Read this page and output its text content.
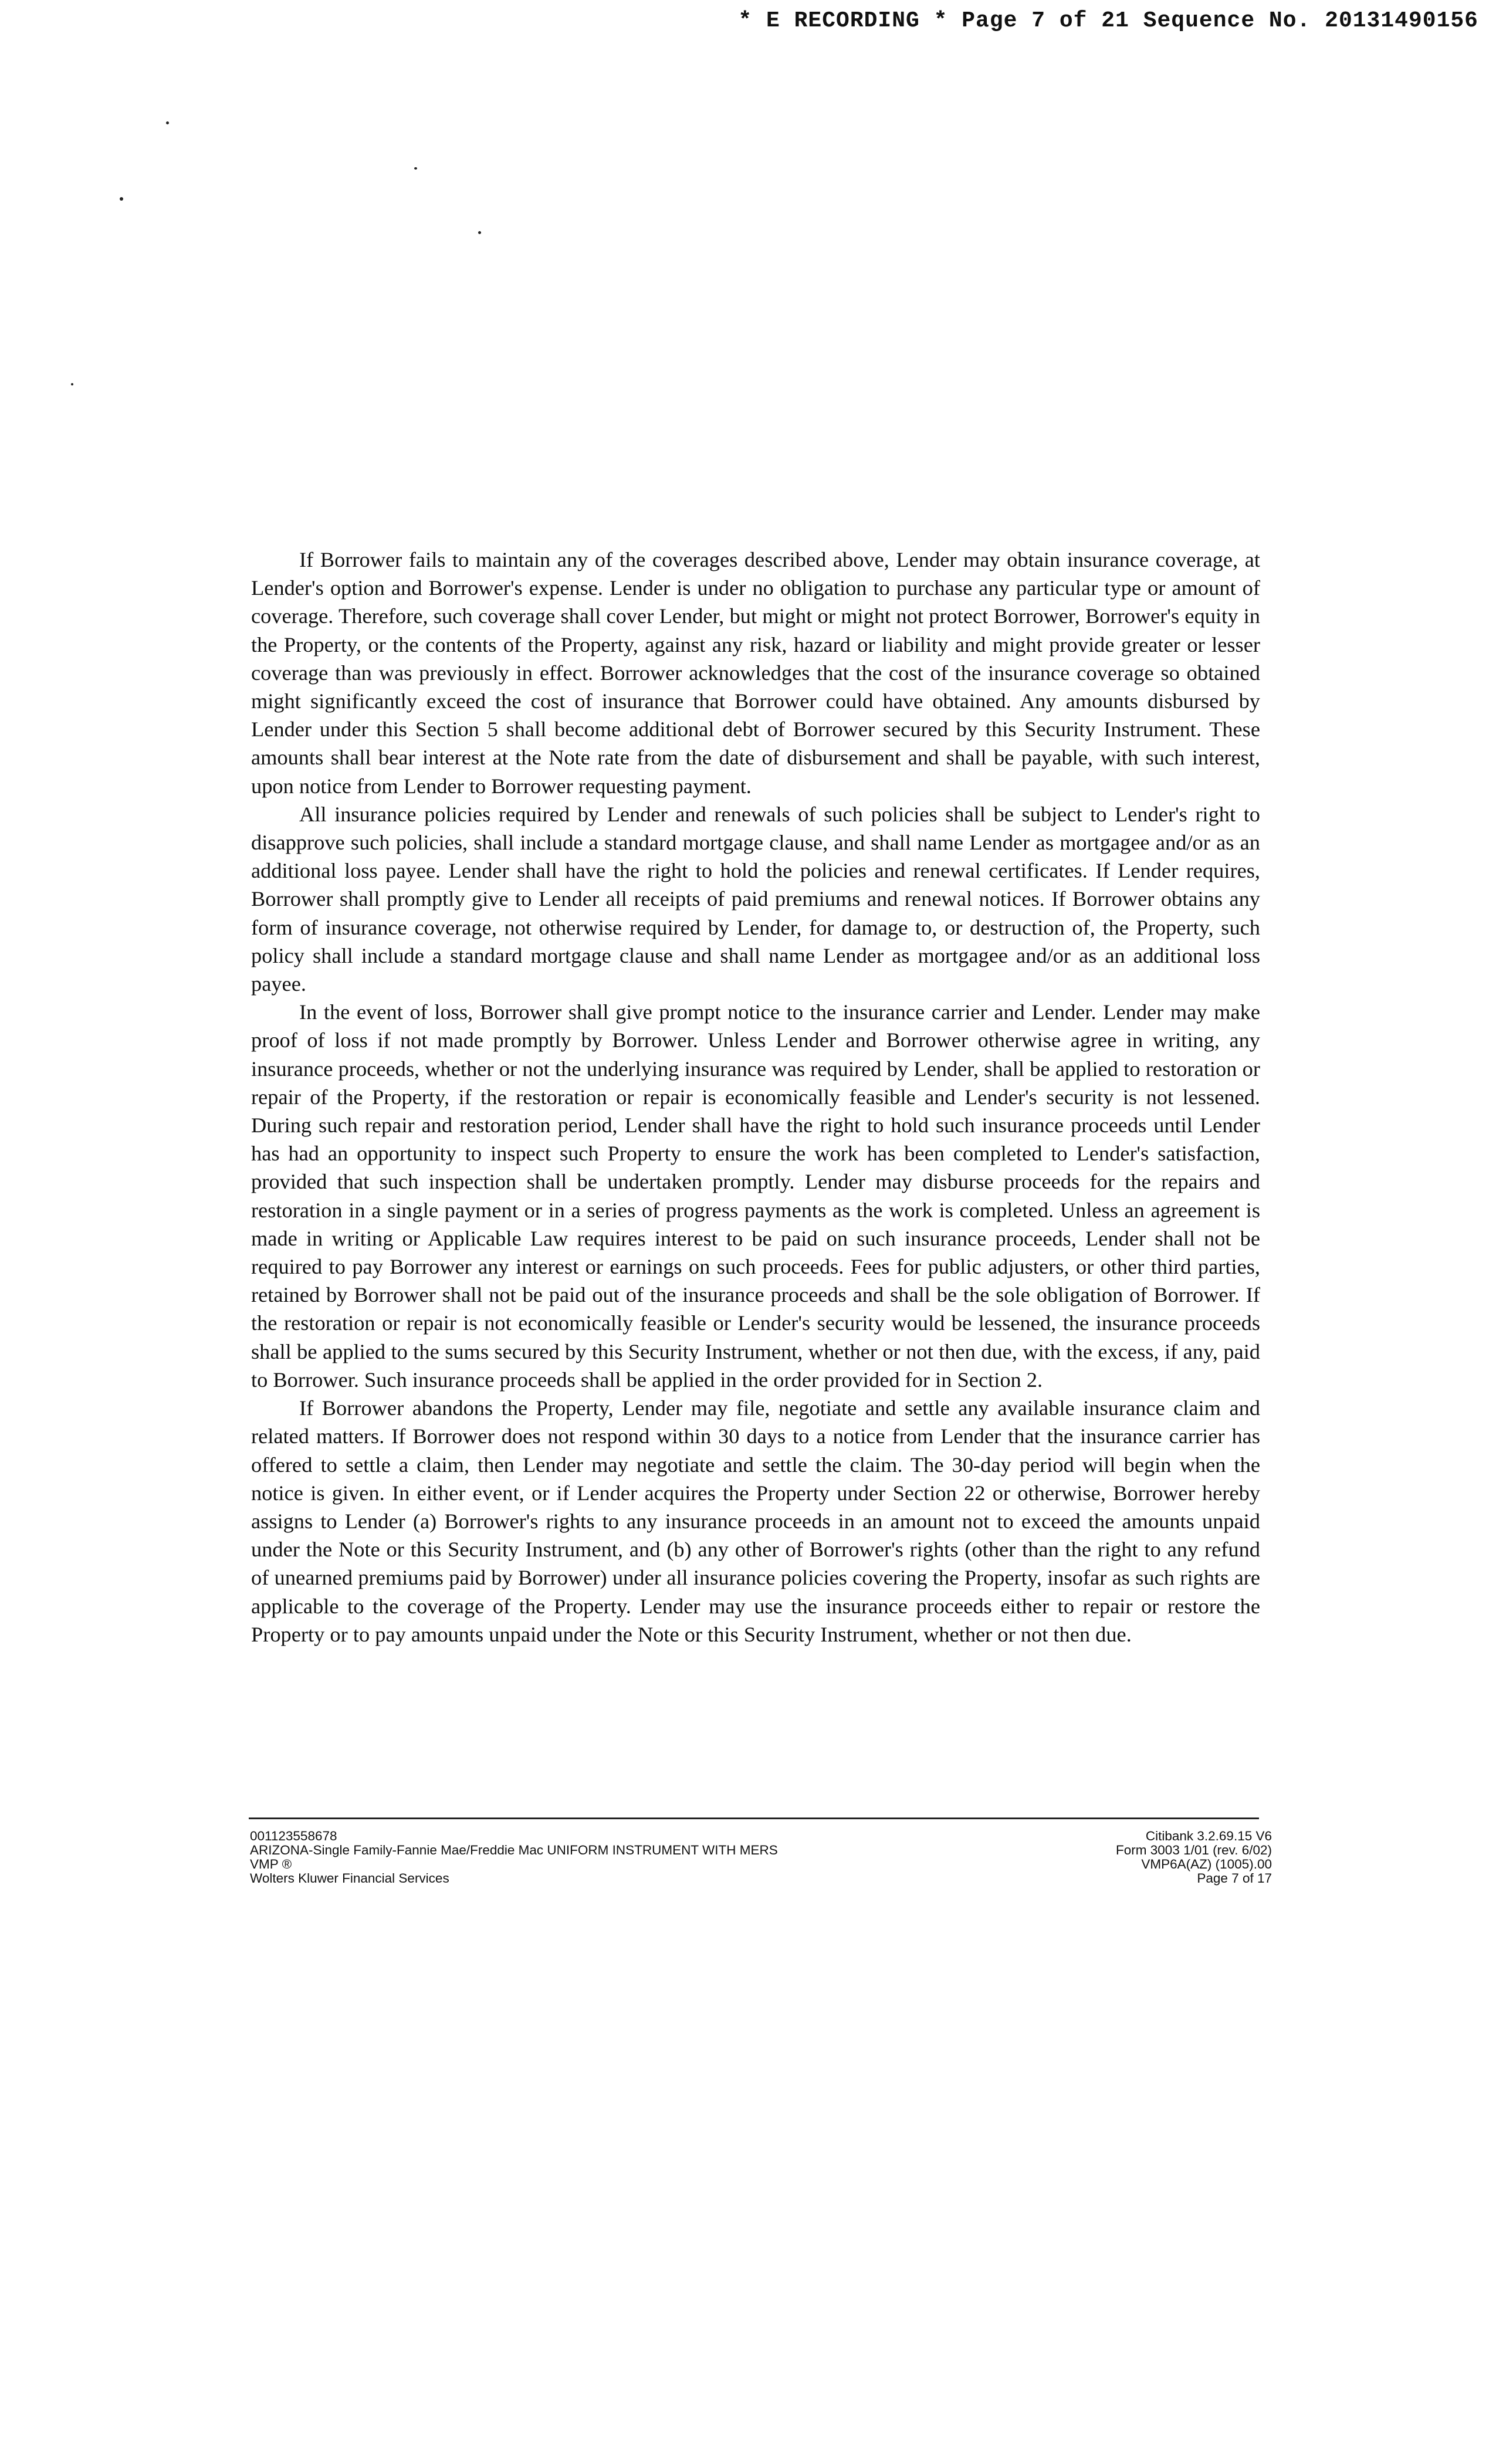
* E RECORDING * Page 7 of 21 Sequence No. 20131490156

If Borrower fails to maintain any of the coverages described above, Lender may obtain insurance coverage, at Lender's option and Borrower's expense. Lender is under no obligation to purchase any particular type or amount of coverage. Therefore, such coverage shall cover Lender, but might or might not protect Borrower, Borrower's equity in the Property, or the contents of the Property, against any risk, hazard or liability and might provide greater or lesser coverage than was previously in effect. Borrower acknowledges that the cost of the insurance coverage so obtained might significantly exceed the cost of insurance that Borrower could have obtained. Any amounts disbursed by Lender under this Section 5 shall become additional debt of Borrower secured by this Security Instrument. These amounts shall bear interest at the Note rate from the date of disbursement and shall be payable, with such interest, upon notice from Lender to Borrower requesting payment.

All insurance policies required by Lender and renewals of such policies shall be subject to Lender's right to disapprove such policies, shall include a standard mortgage clause, and shall name Lender as mortgagee and/or as an additional loss payee. Lender shall have the right to hold the policies and renewal certificates. If Lender requires, Borrower shall promptly give to Lender all receipts of paid premiums and renewal notices. If Borrower obtains any form of insurance coverage, not otherwise required by Lender, for damage to, or destruction of, the Property, such policy shall include a standard mortgage clause and shall name Lender as mortgagee and/or as an additional loss payee.

In the event of loss, Borrower shall give prompt notice to the insurance carrier and Lender. Lender may make proof of loss if not made promptly by Borrower. Unless Lender and Borrower otherwise agree in writing, any insurance proceeds, whether or not the underlying insurance was required by Lender, shall be applied to restoration or repair of the Property, if the restoration or repair is economically feasible and Lender's security is not lessened. During such repair and restoration period, Lender shall have the right to hold such insurance proceeds until Lender has had an opportunity to inspect such Property to ensure the work has been completed to Lender's satisfaction, provided that such inspection shall be undertaken promptly. Lender may disburse proceeds for the repairs and restoration in a single payment or in a series of progress payments as the work is completed. Unless an agreement is made in writing or Applicable Law requires interest to be paid on such insurance proceeds, Lender shall not be required to pay Borrower any interest or earnings on such proceeds. Fees for public adjusters, or other third parties, retained by Borrower shall not be paid out of the insurance proceeds and shall be the sole obligation of Borrower. If the restoration or repair is not economically feasible or Lender's security would be lessened, the insurance proceeds shall be applied to the sums secured by this Security Instrument, whether or not then due, with the excess, if any, paid to Borrower. Such insurance proceeds shall be applied in the order provided for in Section 2.

If Borrower abandons the Property, Lender may file, negotiate and settle any available insurance claim and related matters. If Borrower does not respond within 30 days to a notice from Lender that the insurance carrier has offered to settle a claim, then Lender may negotiate and settle the claim. The 30-day period will begin when the notice is given. In either event, or if Lender acquires the Property under Section 22 or otherwise, Borrower hereby assigns to Lender (a) Borrower's rights to any insurance proceeds in an amount not to exceed the amounts unpaid under the Note or this Security Instrument, and (b) any other of Borrower's rights (other than the right to any refund of unearned premiums paid by Borrower) under all insurance policies covering the Property, insofar as such rights are applicable to the coverage of the Property. Lender may use the insurance proceeds either to repair or restore the Property or to pay amounts unpaid under the Note or this Security Instrument, whether or not then due.

001123558678
ARIZONA-Single Family-Fannie Mae/Freddie Mac UNIFORM INSTRUMENT WITH MERS
VMP ®
Wolters Kluwer Financial Services
Citibank 3.2.69.15 V6
Form 3003 1/01 (rev. 6/02)
VMP6A(AZ) (1005).00
Page 7 of 17
